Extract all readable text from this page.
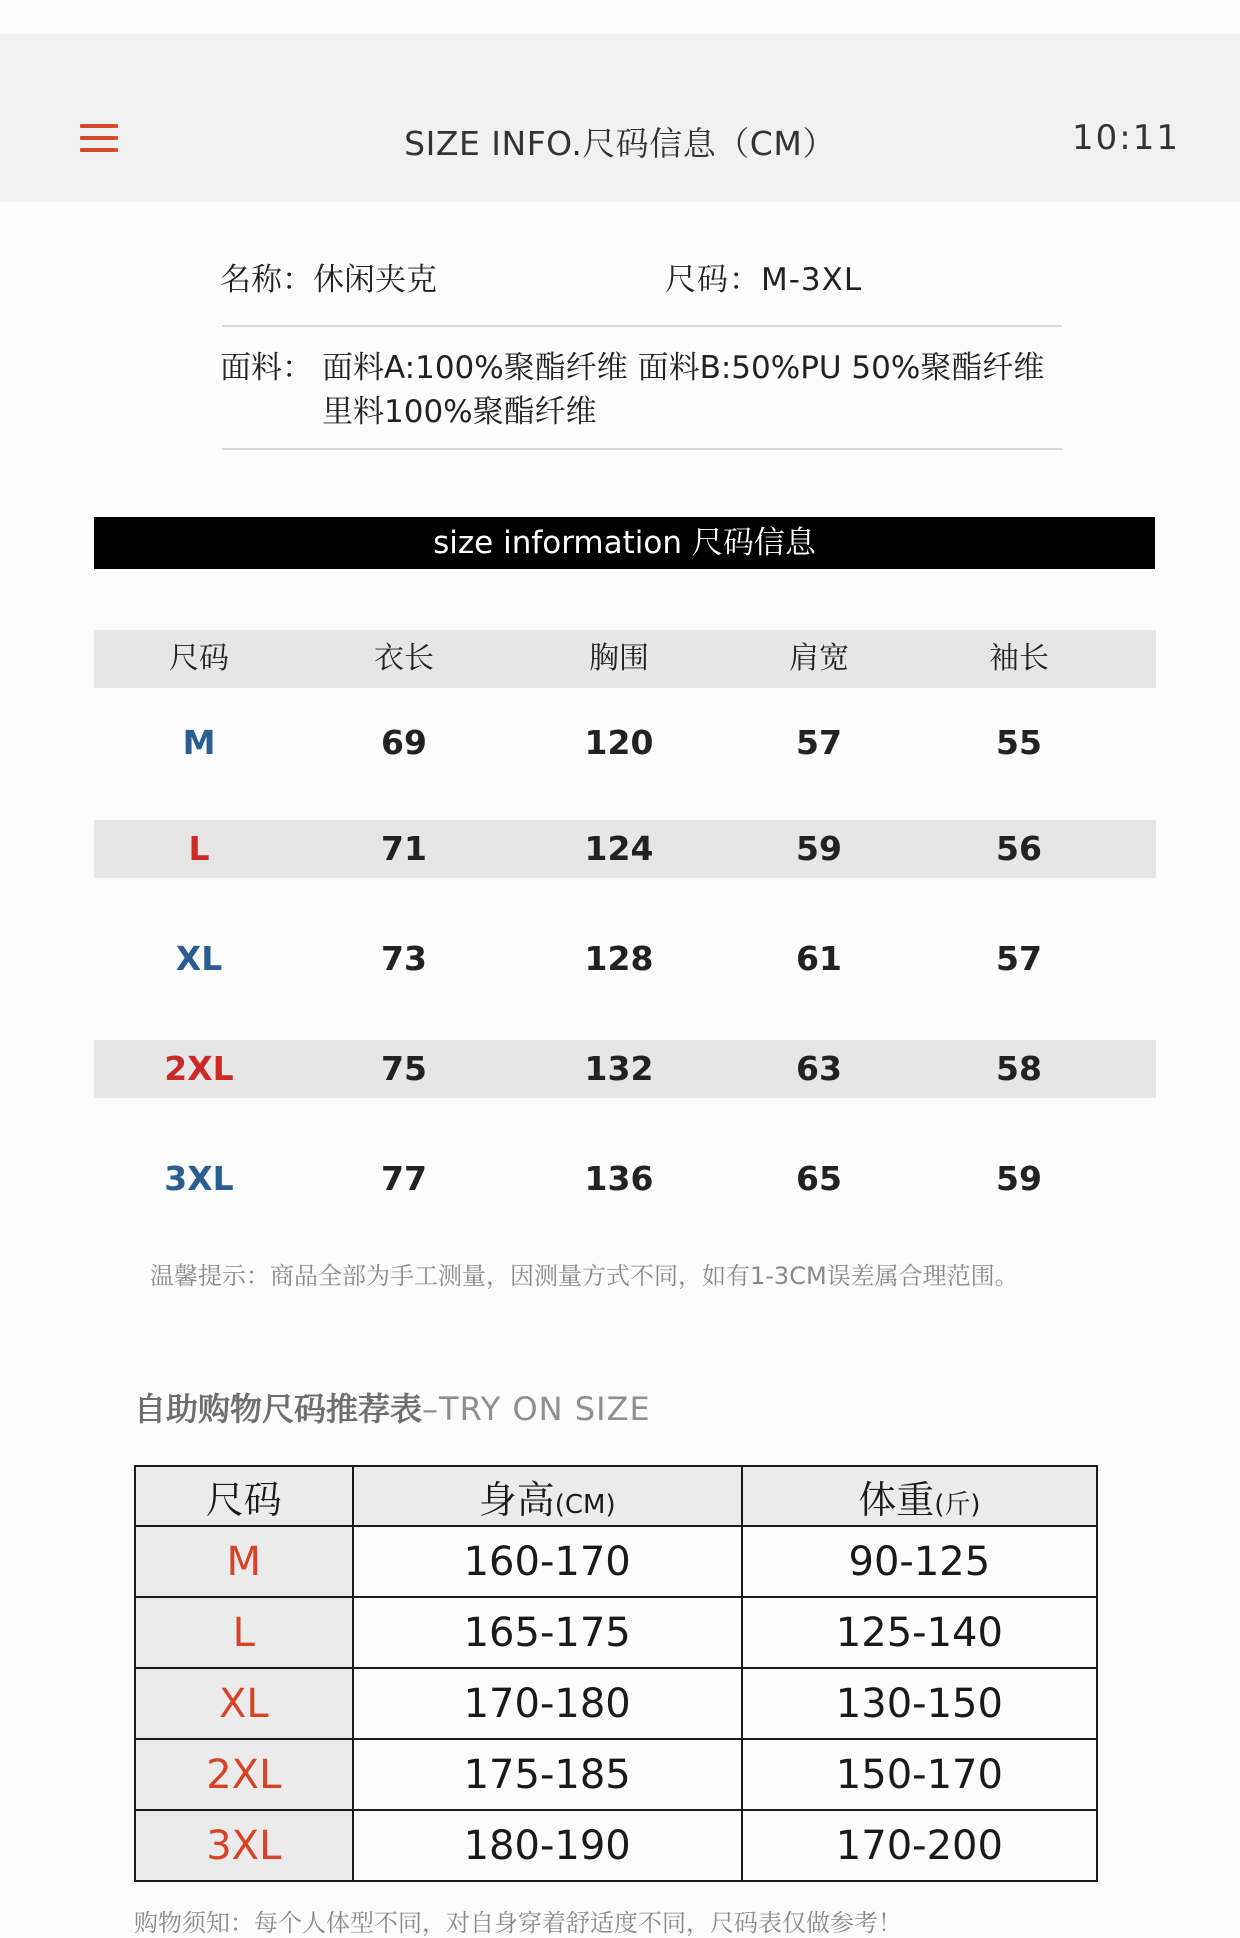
SIZE INFO.尺码信息（CM）	10:11
名称：休闲夹克	尺码：M-3XL
面料： 面料A:100%聚酯纤维 面料B:50%PU 50%聚酯纤维
里料100%聚酯纤维
size information 尺码信息
尺码	衣长	胸围	肩宽	袖长
M	69	120	57	55
L	71	124	59	56
XL	73	128	61	57
2XL	75	132	63	58
3XL	77	136	65	59
温馨提示：商品全部为手工测量，因测量方式不同，如有1-3CM误差属合理范围。
自助购物尺码推荐表–TRY ON SIZE
尺码	身高(CM)	体重(斤)
M	160-170	90-125
L	165-175	125-140
XL	170-180	130-150
2XL	175-185	150-170
3XL	180-190	170-200
购物须知：每个人体型不同，对自身穿着舒适度不同，尺码表仅做参考！
